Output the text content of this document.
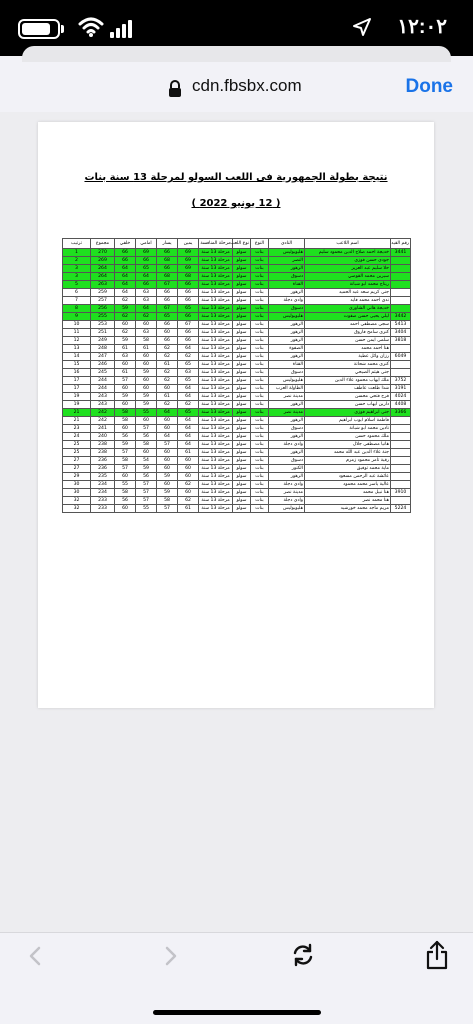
١٢:٠٢
cdn.fbsbx.com	Done
نتيجة بطولة الجمهورية فى اللعب السولو لمرحلة 13 سنة بنات
( 12 يونيو 2022 )
رقم القيد	اسم اللاعب	النادي	النوع	نوع اللعب	مرحلة المنافسة	يمين	يسار	امامي	خلفي	مجموع	ترتيب
3441	خديجة احمد صلاح الدين محمود سليم	هليوبوليس	بنات	سولو	مرحلة 13 سنة	69	66	69	66	270	1
	جودي حسن فوزي	النصر	بنات	سولو	مرحلة 13 سنة	69	68	66	66	269	2
	حلا سليم عبد العزيز	الزهور	بنات	سولو	مرحلة 13 سنة	69	66	65	64	264	3
	سيرين محمد القوصي	دسوق	بنات	سولو	مرحلة 13 سنة	68	68	64	64	264	3
	ريتاج محمد ابو شبانة	القناة	بنات	سولو	مرحلة 13 سنة	66	67	66	64	263	5
	جنى كريم سعد عبد الحميد	الزهور	بنات	سولو	مرحلة 13 سنة	66	66	63	64	259	6
	ندى احمد محمد فايد	وادي دجلة	بنات	سولو	مرحلة 13 سنة	66	66	63	62	257	7
	خديجة هاني الشاوري	دسوق	بنات	سولو	مرحلة 13 سنة	65	67	64	59	256	8
3442	ليلي يحيى حسن صفوت	هليوبوليس	بنات	سولو	مرحلة 13 سنة	66	65	62	62	255	9
5413	سجى مصطفى احمد	الزهور	بنات	سولو	مرحلة 13 سنة	67	66	60	60	253	10
3404	كنزي سامح فاروق	الزهور	بنات	سولو	مرحلة 13 سنة	66	60	63	62	251	11
3818	سلمى ايمن حسن	الزهور	بنات	سولو	مرحلة 13 سنة	66	66	58	59	249	12
	هنا احمد محمد	الصفوة	بنات	سولو	مرحلة 13 سنة	64	62	61	61	248	13
6049	رزان وائل عطية	الزهور	بنات	سولو	مرحلة 13 سنة	62	62	60	63	247	14
	كنزي محمد شحاتة	القناة	بنات	سولو	مرحلة 13 سنة	65	61	60	60	246	15
	جنى هيثم الصيحي	دسوق	بنات	سولو	مرحلة 13 سنة	63	62	59	61	245	16
3752	ملك ايهاب محمود علاء الدين	هليوبوليس	بنات	سولو	مرحلة 13 سنة	65	62	60	57	244	17
3191	شذا طلعت عاطف	الطاولة العرب	بنات	سولو	مرحلة 13 سنة	64	60	60	60	244	17
4024	فرح فتحي محسن	مدينة نصر	بنات	سولو	مرحلة 13 سنة	64	61	59	59	243	19
4408	دارين ايهاب حسن	الزهور	بنات	سولو	مرحلة 13 سنة	62	62	59	60	243	19
3366	جنى ابراهيم فوزي	مدينة نصر	بنات	سولو	مرحلة 13 سنة	65	64	55	58	242	21
	فاطمة اسلام ايوب ابراهيم	الزهور	بنات	سولو	مرحلة 13 سنة	64	60	60	58	242	21
	نادين محمد ابو شبانة	دسوق	بنات	سولو	مرحلة 13 سنة	64	60	57	60	241	23
	ملك محمود حسن	الزهور	بنات	سولو	مرحلة 13 سنة	64	64	56	56	240	24
	هانيا مصطفى جلال	وادي دجلة	بنات	سولو	مرحلة 13 سنة	64	57	58	59	238	25
	جنة علاء الدين عبد الله محمد	الزهور	بنات	سولو	مرحلة 13 سنة	61	60	60	57	238	25
	رقية تامر محمود زمزم	دسوق	بنات	سولو	مرحلة 13 سنة	60	60	54	58	236	27
	ماية محمد توفيق	الكنور	بنات	سولو	مرحلة 13 سنة	60	60	59	57	236	27
	عائشة عبد الرحمن مسعود	الزهور	بنات	سولو	مرحلة 13 سنة	60	59	56	60	235	29
	عالية ياسر محمد محمود	وادي دجلة	بنات	سولو	مرحلة 13 سنة	62	60	57	55	234	30
3910	هنا نبيل محمد	مدينة نصر	بنات	سولو	مرحلة 13 سنة	60	59	57	58	234	30
	هنا محمد نصر	وادي دجلة	بنات	سولو	مرحلة 13 سنة	62	58	57	56	233	32
5224	مريم ماجد محمد خورشيد	هليوبوليس	بنات	سولو	مرحلة 13 سنة	61	57	55	60	233	32
